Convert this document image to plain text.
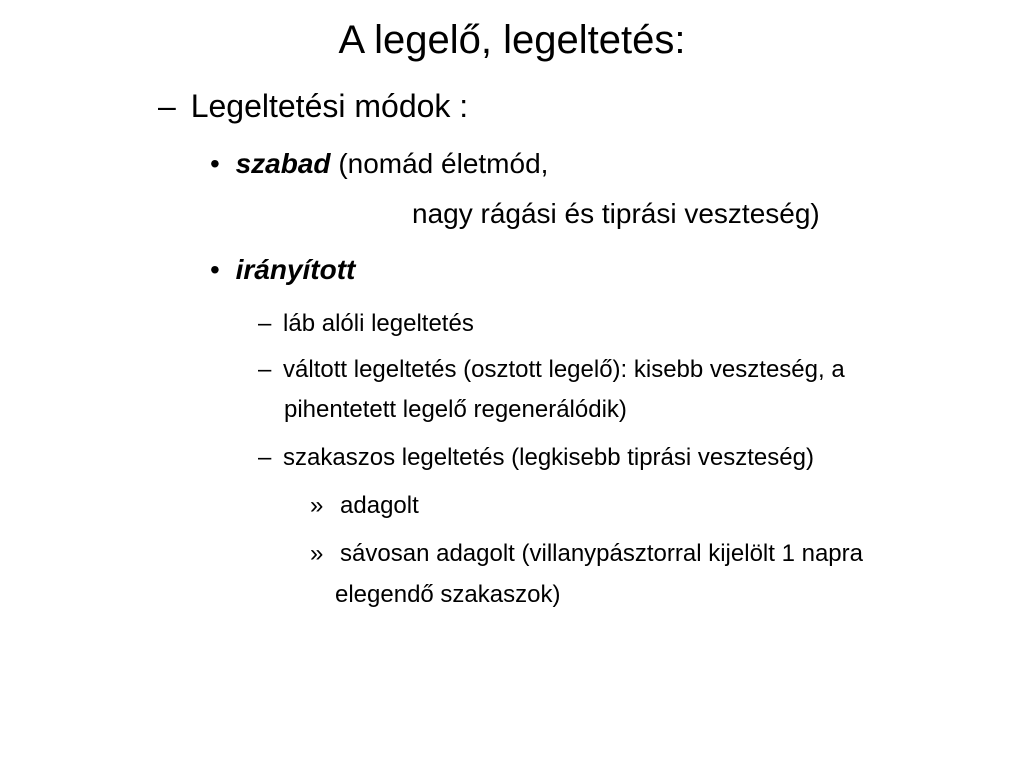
A legelő, legeltetés:
– Legeltetési módok :
• szabad (nomád életmód,
nagy rágási és tiprási veszteség)
• irányított
– láb alóli legeltetés
– váltott legeltetés (osztott legelő): kisebb veszteség, a
pihentetett legelő regenerálódik)
– szakaszos legeltetés (legkisebb tiprási veszteség)
» adagolt
» sávosan adagolt (villanypásztorral kijelölt 1 napra
elegendő szakaszok)
